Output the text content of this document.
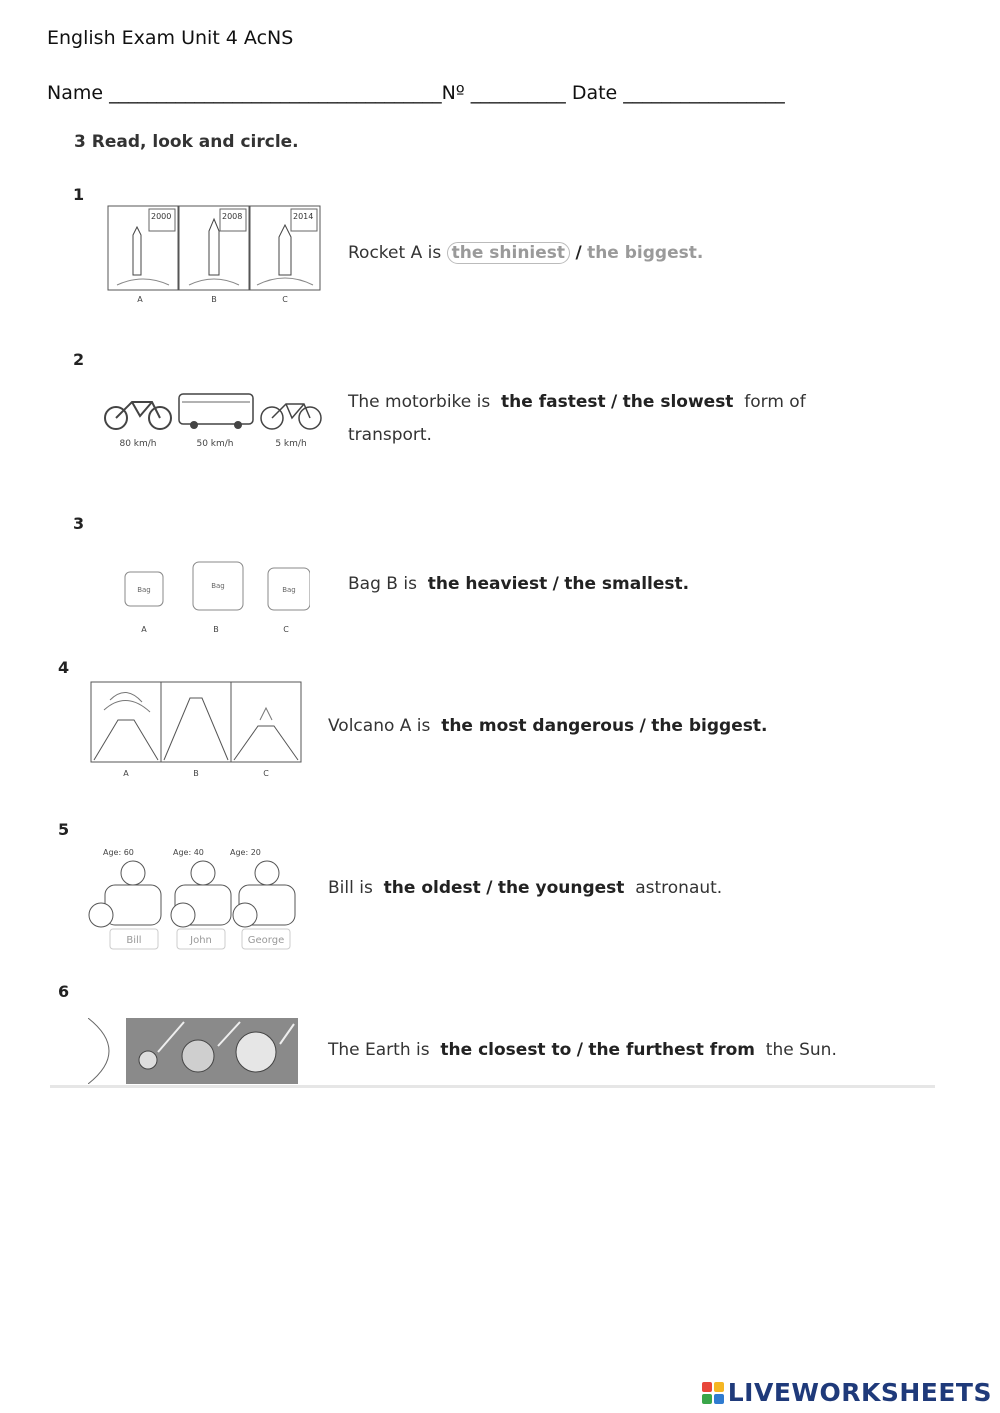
English Exam Unit 4 AcNS
Name ___________________________________Nº __________ Date _________________
3 Read, look and circle.
1
2000	2008	2014
A	B	C
Rocket A is the shiniest / the biggest.
2
80 km/h	50 km/h	5 km/h
The motorbike is the fastest / the slowest form of
transport.
3
Bag	Bag	Bag
A	B	C
Bag B is the heaviest / the smallest.
4
A	B	C
Volcano A is the most dangerous / the biggest.
5
Age: 60	Age: 40	Age: 20
Bill	John	George
Bill is the oldest / the youngest astronaut.
6
The Earth is the closest to / the furthest from the Sun.
LIVEWORKSHEETS
